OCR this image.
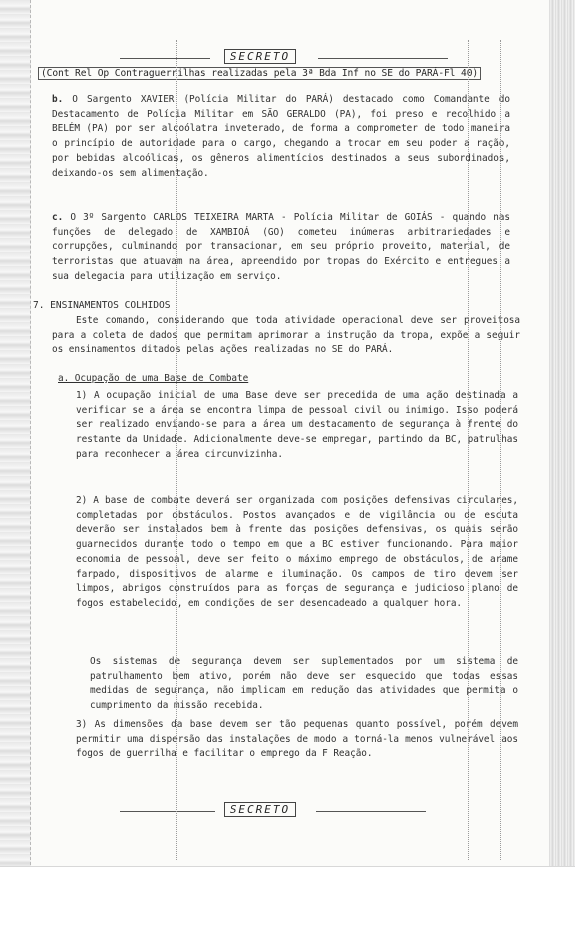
SECRETO
(Cont Rel Op Contraguerrilhas realizadas pela 3ª Bda Inf no SE do PARÁ-Fl 40)
b. O Sargento XAVIER (Polícia Militar do PARÁ) destacado como Comandante do Destacamento de Polícia Militar em SÃO GERALDO (PA), foi preso e recolhido a BELÉM (PA) por ser alcoólatra inveterado, de forma a comprometer de todo maneira o princípio de autoridade para o cargo, chegando a trocar em seu poder a ração, por bebidas alcoólicas, os gêneros alimentícios destinados a seus subordinados, deixando-os sem alimentação.
c. O 3º Sargento CARLOS TEIXEIRA MARTA - Polícia Militar de GOIÁS - quando nas funções de delegado de XAMBIOÁ (GO) cometeu inúmeras arbitrariedades e corrupções, culminando por transacionar, em seu próprio proveito, material, de terroristas que atuavam na área, apreendido por tropas do Exército e entregues a sua delegacia para utilização em serviço.
7. ENSINAMENTOS COLHIDOS
Este comando, considerando que toda atividade operacional deve ser proveitosa para a coleta de dados que permitam aprimorar a instrução da tropa, expõe a seguir os ensinamentos ditados pelas ações realizadas no SE do PARÁ.
a. Ocupação de uma Base de Combate
1) A ocupação inicial de uma Base deve ser precedida de uma ação destinada a verificar se a área se encontra limpa de pessoal civil ou inimigo. Isso poderá ser realizado enviando-se para a área um destacamento de segurança à frente do restante da Unidade. Adicionalmente deve-se empregar, partindo da BC, patrulhas para reconhecer a área circunvizinha.
2) A base de combate deverá ser organizada com posições defensivas circulares, completadas por obstáculos. Postos avançados e de vigilância ou de escuta deverão ser instalados bem à frente das posições defensivas, os quais serão guarnecidos durante todo o tempo em que a BC estiver funcionando. Para maior economia de pessoal, deve ser feito o máximo emprego de obstáculos, de arame farpado, dispositivos de alarme e iluminação. Os campos de tiro devem ser limpos, abrigos construídos para as forças de segurança e judicioso plano de fogos estabelecido, em condições de ser desencadeado a qualquer hora.
Os sistemas de segurança devem ser suplementados por um sistema de patrulhamento bem ativo, porém não deve ser esquecido que todas essas medidas de segurança, não implicam em redução das atividades que permita o cumprimento da missão recebida.
3) As dimensões da base devem ser tão pequenas quanto possível, porém devem permitir uma dispersão das instalações de modo a torná-la menos vulnerável aos fogos de guerrilha e facilitar o emprego da F Reação.
SECRETO
